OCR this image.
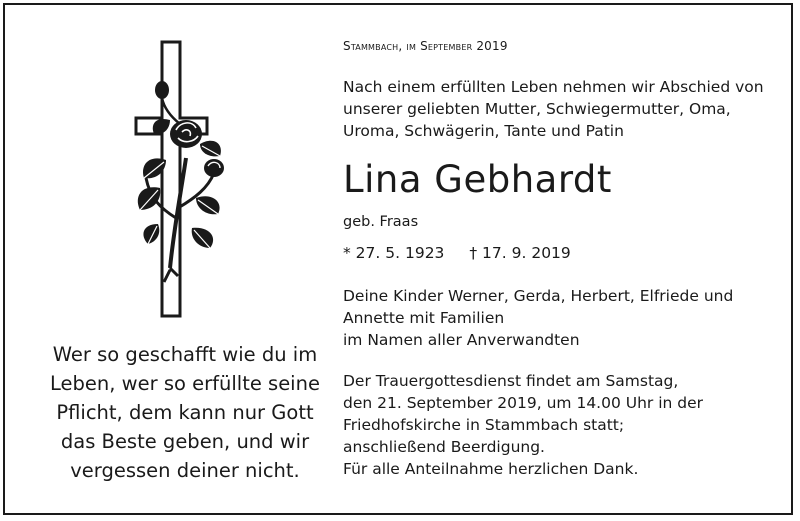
Wer so geschafft wie du im
Leben, wer so erfüllte seine
Pflicht, dem kann nur Gott
das Beste geben, und wir
vergessen deiner nicht.
Stammbach, im September 2019
Nach einem erfüllten Leben nehmen wir Abschied von
unserer geliebten Mutter, Schwiegermutter, Oma,
Uroma, Schwägerin, Tante und Patin
Lina Gebhardt
geb. Fraas
* 27. 5. 1923 † 17. 9. 2019
Deine Kinder Werner, Gerda, Herbert, Elfriede und
Annette mit Familien
im Namen aller Anverwandten
Der Trauergottesdienst findet am Samstag,
den 21. September 2019, um 14.00 Uhr in der
Friedhofskirche in Stammbach statt;
anschließend Beerdigung.
Für alle Anteilnahme herzlichen Dank.
